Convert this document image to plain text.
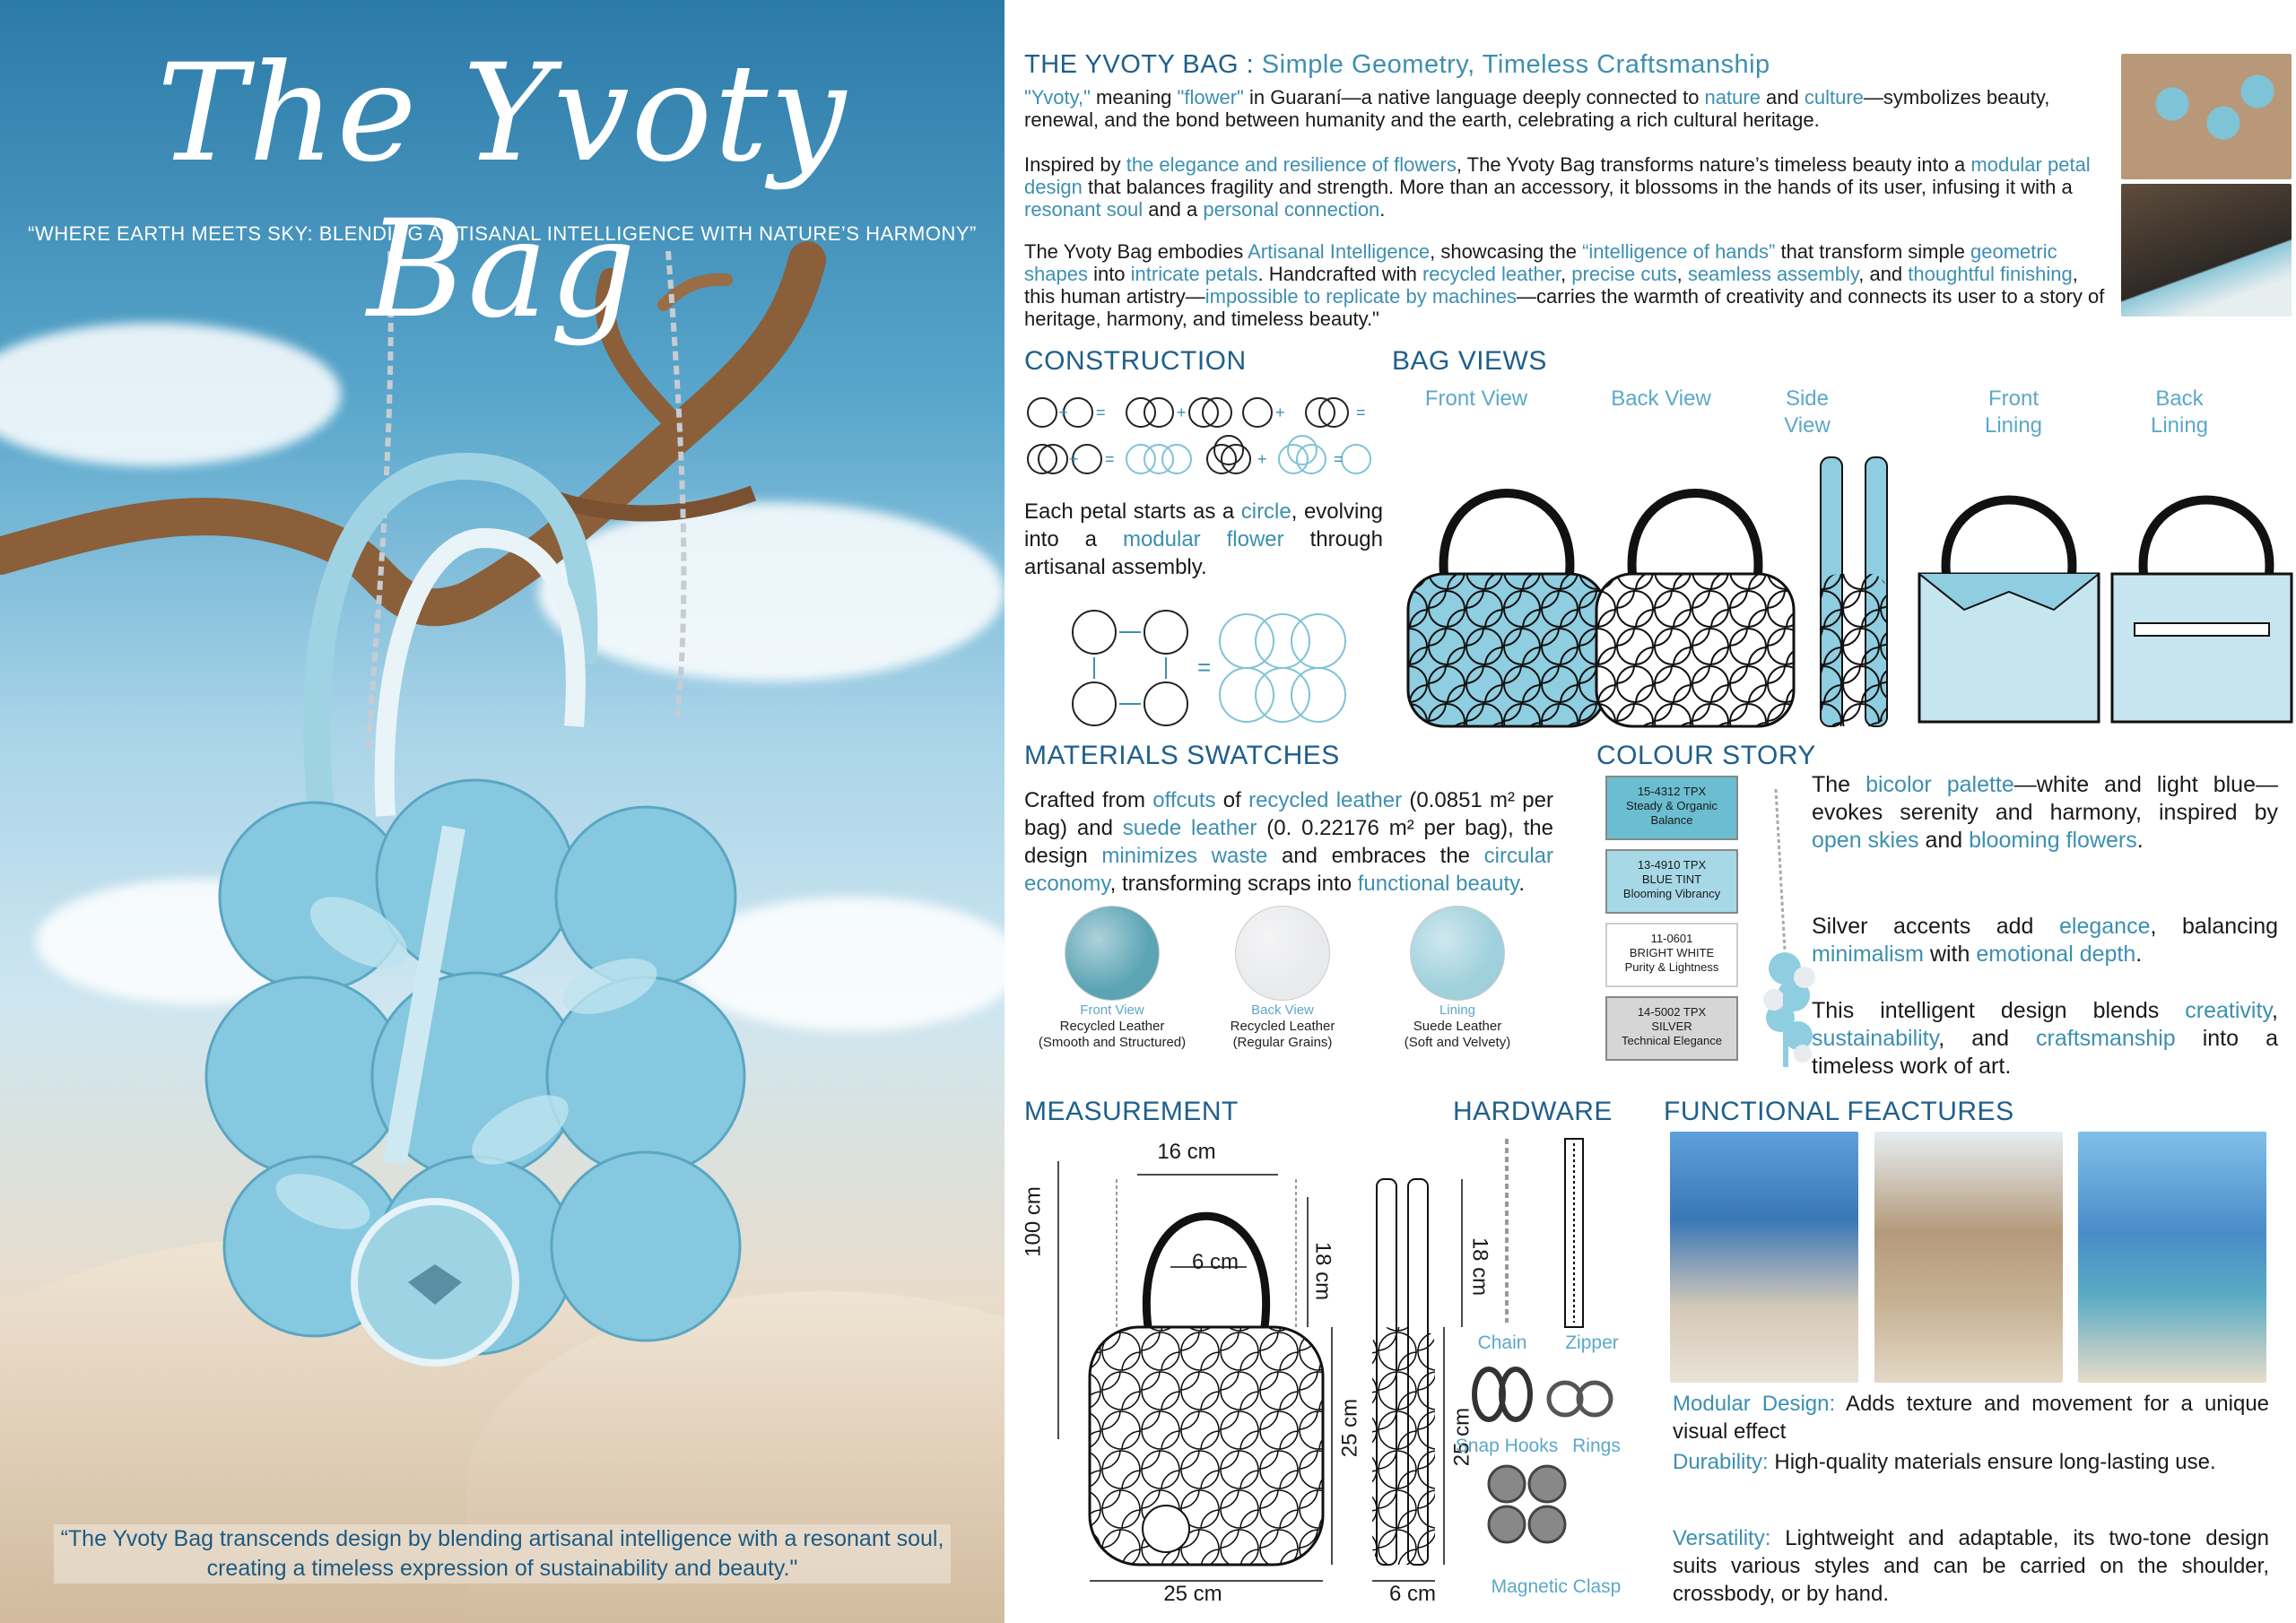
The Yvoty Bag
“WHERE EARTH MEETS SKY: BLENDING ARTISANAL INTELLIGENCE WITH NATURE’S HARMONY”
“The Yvoty Bag transcends design by blending artisanal intelligence with a resonant soul, creating a timeless expression of sustainability and beauty."
THE YVOTY BAG : Simple Geometry, Timeless Craftsmanship
"Yvoty," meaning "flower" in Guaraní—a native language deeply connected to nature and culture—symbolizes beauty, renewal, and the bond between humanity and the earth, celebrating a rich cultural heritage.
Inspired by the elegance and resilience of flowers, The Yvoty Bag transforms nature’s timeless beauty into a modular petal design that balances fragility and strength. More than an accessory, it blossoms in the hands of its user, infusing it with a resonant soul and a personal connection.
The Yvoty Bag embodies Artisanal Intelligence, showcasing the “intelligence of hands” that transform simple geometric shapes into intricate petals. Handcrafted with recycled leather, precise cuts, seamless assembly, and thoughtful finishing, this human artistry—impossible to replicate by machines—carries the warmth of creativity and connects its user to a story of heritage, harmony, and timeless beauty."
CONSTRUCTION
+ =	+	+	=
+ =	+	=
Each petal starts as a circle, evolving into a modular flower through artisanal assembly.
=
BAG VIEWS
Front View	Back View	Side View
Front Lining
Back Lining
MATERIALS SWATCHES
Crafted from offcuts of recycled leather (0.0851 m² per bag) and suede leather (0. 0.22176 m² per bag), the design minimizes waste and embraces the circular economy, transforming scraps into functional beauty.
Front View
Recycled Leather
(Smooth and Structured)
Back View
Recycled Leather
(Regular Grains)
Lining
Suede Leather
(Soft and Velvety)
COLOUR STORY
15-4312 TPX
Steady & Organic
Balance
13-4910 TPX
BLUE TINT
Blooming Vibrancy
11-0601
BRIGHT WHITE
Purity & Lightness
14-5002 TPX
SILVER
Technical Elegance
The bicolor palette—white and light blue—evokes serenity and harmony, inspired by open skies and blooming flowers.
Silver accents add elegance, balancing minimalism with emotional depth.
This intelligent design blends creativity, sustainability, and craftsmanship into a timeless work of art.
MEASUREMENT
16 cm
100 cm
6 cm	18 cm
25 cm
25 cm
18 cm
25 cm
6 cm
HARDWARE
Chain	Zipper
Snap Hooks Rings
Magnetic Clasp
FUNCTIONAL FEACTURES
Modular Design: Adds texture and movement for a unique visual effect
Durability: High-quality materials ensure long-lasting use.
Versatility: Lightweight and adaptable, its two-tone design suits various styles and can be carried on the shoulder, crossbody, or by hand.
